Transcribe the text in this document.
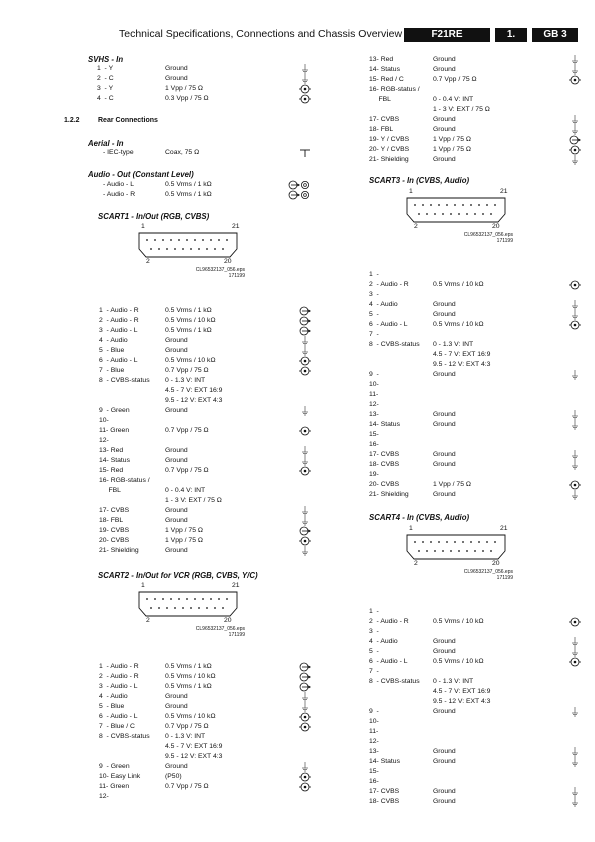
Technical Specifications, Connections and Chassis Overview	F21RE	1.	GB 3
SVHS - In
1.2.2	Rear Connections
Aerial - In
Audio - Out (Constant Level)
SCART1 - In/Out (RGB, CVBS)
SCART2 - In/Out for VCR (RGB, CVBS, Y/C)
SCART3 - In (CVBS, Audio)
SCART4 - In (CVBS, Audio)
1  - Y	Ground
2  - C	Ground
3  - Y	1 Vpp / 75 Ω
4  - C	0.3 Vpp / 75 Ω
- IEC-type	Coax, 75 Ω
- Audio - L	0.5 Vrms / 1 kΩ
- Audio - R	0.5 Vrms / 1 kΩ
1  - Audio - R	0.5 Vrms / 1 kΩ
2  - Audio - R	0.5 Vrms / 10 kΩ
3  - Audio - L	0.5 Vrms / 1 kΩ
4  - Audio	Ground
5  - Blue	Ground
6  - Audio - L	0.5 Vrms / 10 kΩ
7  - Blue	0.7 Vpp / 75 Ω
8  - CVBS-status 0 - 1.3 V: INT
4.5 - 7 V: EXT 16:9
9.5 - 12 V: EXT 4:3
9  - Green	Ground
10-
11- Green	0.7 Vpp / 75 Ω
12-
13- Red	Ground
14- Status	Ground
15- Red	0.7 Vpp / 75 Ω
16- RGB-status /
FBL	0 - 0.4 V: INT
1 - 3 V: EXT / 75 Ω
17- CVBS	Ground
18- FBL	Ground
19- CVBS	1 Vpp / 75 Ω
20- CVBS	1 Vpp / 75 Ω
21- Shielding	Ground
1  - Audio - R	0.5 Vrms / 1 kΩ
2  - Audio - R	0.5 Vrms / 10 kΩ
3  - Audio - L	0.5 Vrms / 1 kΩ
4  - Audio	Ground
5  - Blue	Ground
6  - Audio - L	0.5 Vrms / 10 kΩ
7  - Blue / C	0.7 Vpp / 75 Ω
8  - CVBS-status 0 - 1.3 V: INT
4.5 - 7 V: EXT 16:9
9.5 - 12 V: EXT 4:3
9  - Green	Ground
10- Easy Link	(P50)
11- Green	0.7 Vpp / 75 Ω
12-
13- Red	Ground
14- Status	Ground
15- Red / C	0.7 Vpp / 75 Ω
16- RGB-status /
FBL	0 - 0.4 V: INT
1 - 3 V: EXT / 75 Ω
17- CVBS	Ground
18- FBL	Ground
19- Y / CVBS	1 Vpp / 75 Ω
20- Y / CVBS	1 Vpp / 75 Ω
21- Shielding	Ground
1  -
2  - Audio - R	0.5 Vrms / 10 kΩ
3  -
4  - Audio	Ground
5  -	Ground
6  - Audio - L	0.5 Vrms / 10 kΩ
7  -
8  - CVBS-status 0 - 1.3 V: INT
4.5 - 7 V: EXT 16:9
9.5 - 12 V: EXT 4:3
9  -	Ground
10-
11-
12-
13-	Ground
14- Status	Ground
15-
16-
17- CVBS	Ground
18- CVBS	Ground
19-
20- CVBS	1 Vpp / 75 Ω
21- Shielding	Ground
1  -
2  - Audio - R	0.5 Vrms / 10 kΩ
3  -
4  - Audio	Ground
5  -	Ground
6  - Audio - L	0.5 Vrms / 10 kΩ
7  -
8  - CVBS-status 0 - 1.3 V: INT
4.5 - 7 V: EXT 16:9
9.5 - 12 V: EXT 4:3
9  -	Ground
10-
11-
12-
13-	Ground
14- Status	Ground
15-
16-
17- CVBS	Ground
18- CVBS	Ground
1	21
2	20
CL96532137_056.eps
171199
1	21
2	20
CL96532137_056.eps
171199
1	21
2	20
CL96532137_056.eps
171199
1	21
2	20
CL96532137_056.eps
171199
